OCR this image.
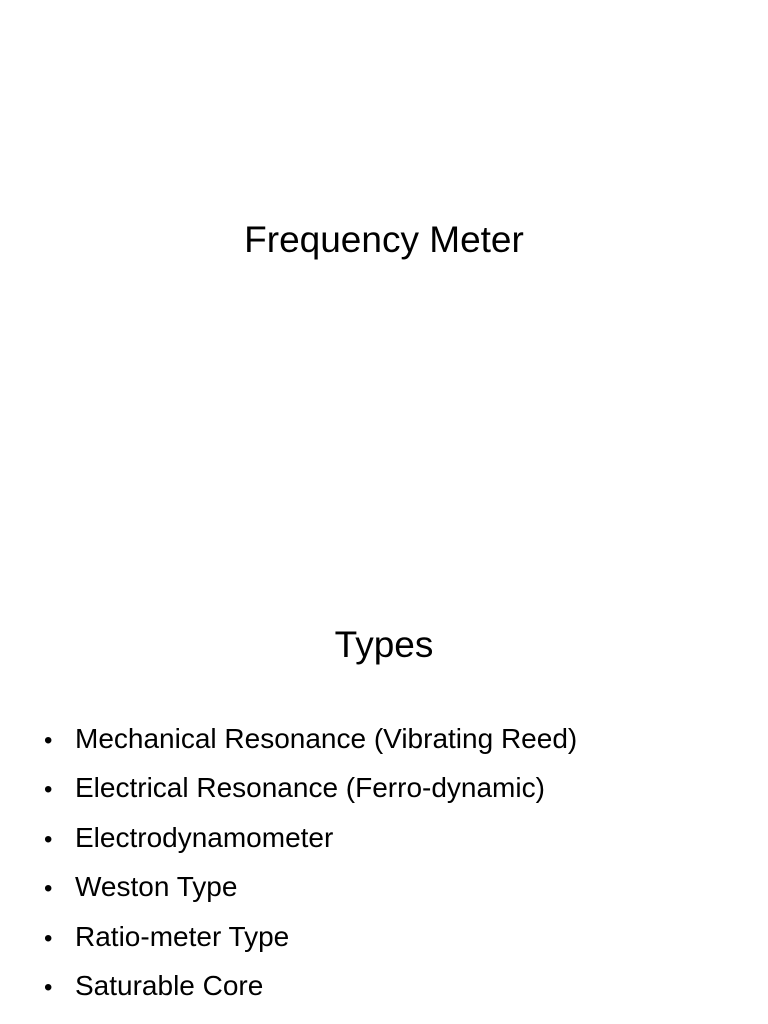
Frequency Meter
Types
• Mechanical Resonance (Vibrating Reed)
• Electrical Resonance (Ferro-dynamic)
• Electrodynamometer
• Weston Type
• Ratio-meter Type
• Saturable Core
